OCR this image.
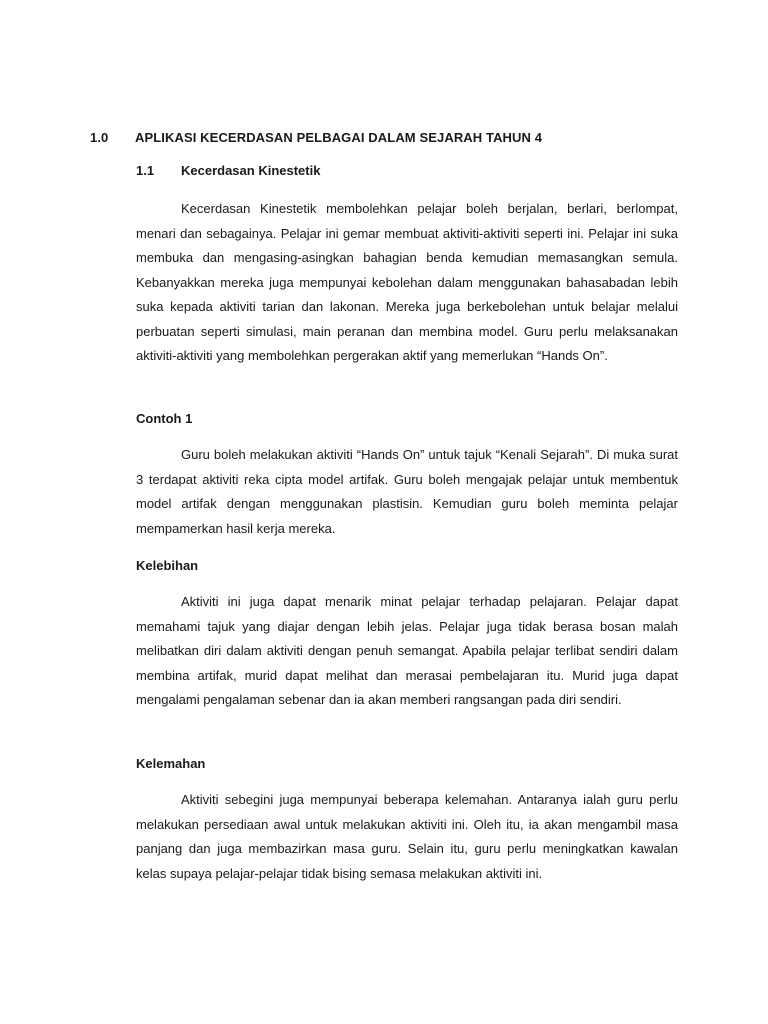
1.0 APLIKASI KECERDASAN PELBAGAI DALAM SEJARAH TAHUN 4
1.1 Kecerdasan Kinestetik

Kecerdasan Kinestetik membolehkan pelajar boleh berjalan, berlari, berlompat, menari dan sebagainya. Pelajar ini gemar membuat aktiviti-aktiviti seperti ini. Pelajar ini suka membuka dan mengasing-asingkan bahagian benda kemudian memasangkan semula. Kebanyakkan mereka juga mempunyai kebolehan dalam menggunakan bahasabadan lebih suka kepada aktiviti tarian dan lakonan. Mereka juga berkebolehan untuk belajar melalui perbuatan seperti simulasi, main peranan dan membina model. Guru perlu melaksanakan aktiviti-aktiviti yang membolehkan pergerakan aktif yang memerlukan “Hands On”.

Contoh 1

Guru boleh melakukan aktiviti “Hands On” untuk tajuk “Kenali Sejarah”. Di muka surat 3 terdapat aktiviti reka cipta model artifak. Guru boleh mengajak pelajar untuk membentuk model artifak dengan menggunakan plastisin. Kemudian guru boleh meminta pelajar mempamerkan hasil kerja mereka.

Kelebihan

Aktiviti ini juga dapat menarik minat pelajar terhadap pelajaran. Pelajar dapat memahami tajuk yang diajar dengan lebih jelas. Pelajar juga tidak berasa bosan malah melibatkan diri dalam aktiviti dengan penuh semangat. Apabila pelajar terlibat sendiri dalam membina artifak, murid dapat melihat dan merasai pembelajaran itu. Murid juga dapat mengalami pengalaman sebenar dan ia akan memberi rangsangan pada diri sendiri.

Kelemahan

Aktiviti sebegini juga mempunyai beberapa kelemahan. Antaranya ialah guru perlu melakukan persediaan awal untuk melakukan aktiviti ini. Oleh itu, ia akan mengambil masa panjang dan juga membazirkan masa guru. Selain itu, guru perlu meningkatkan kawalan kelas supaya pelajar-pelajar tidak bising semasa melakukan aktiviti ini.
